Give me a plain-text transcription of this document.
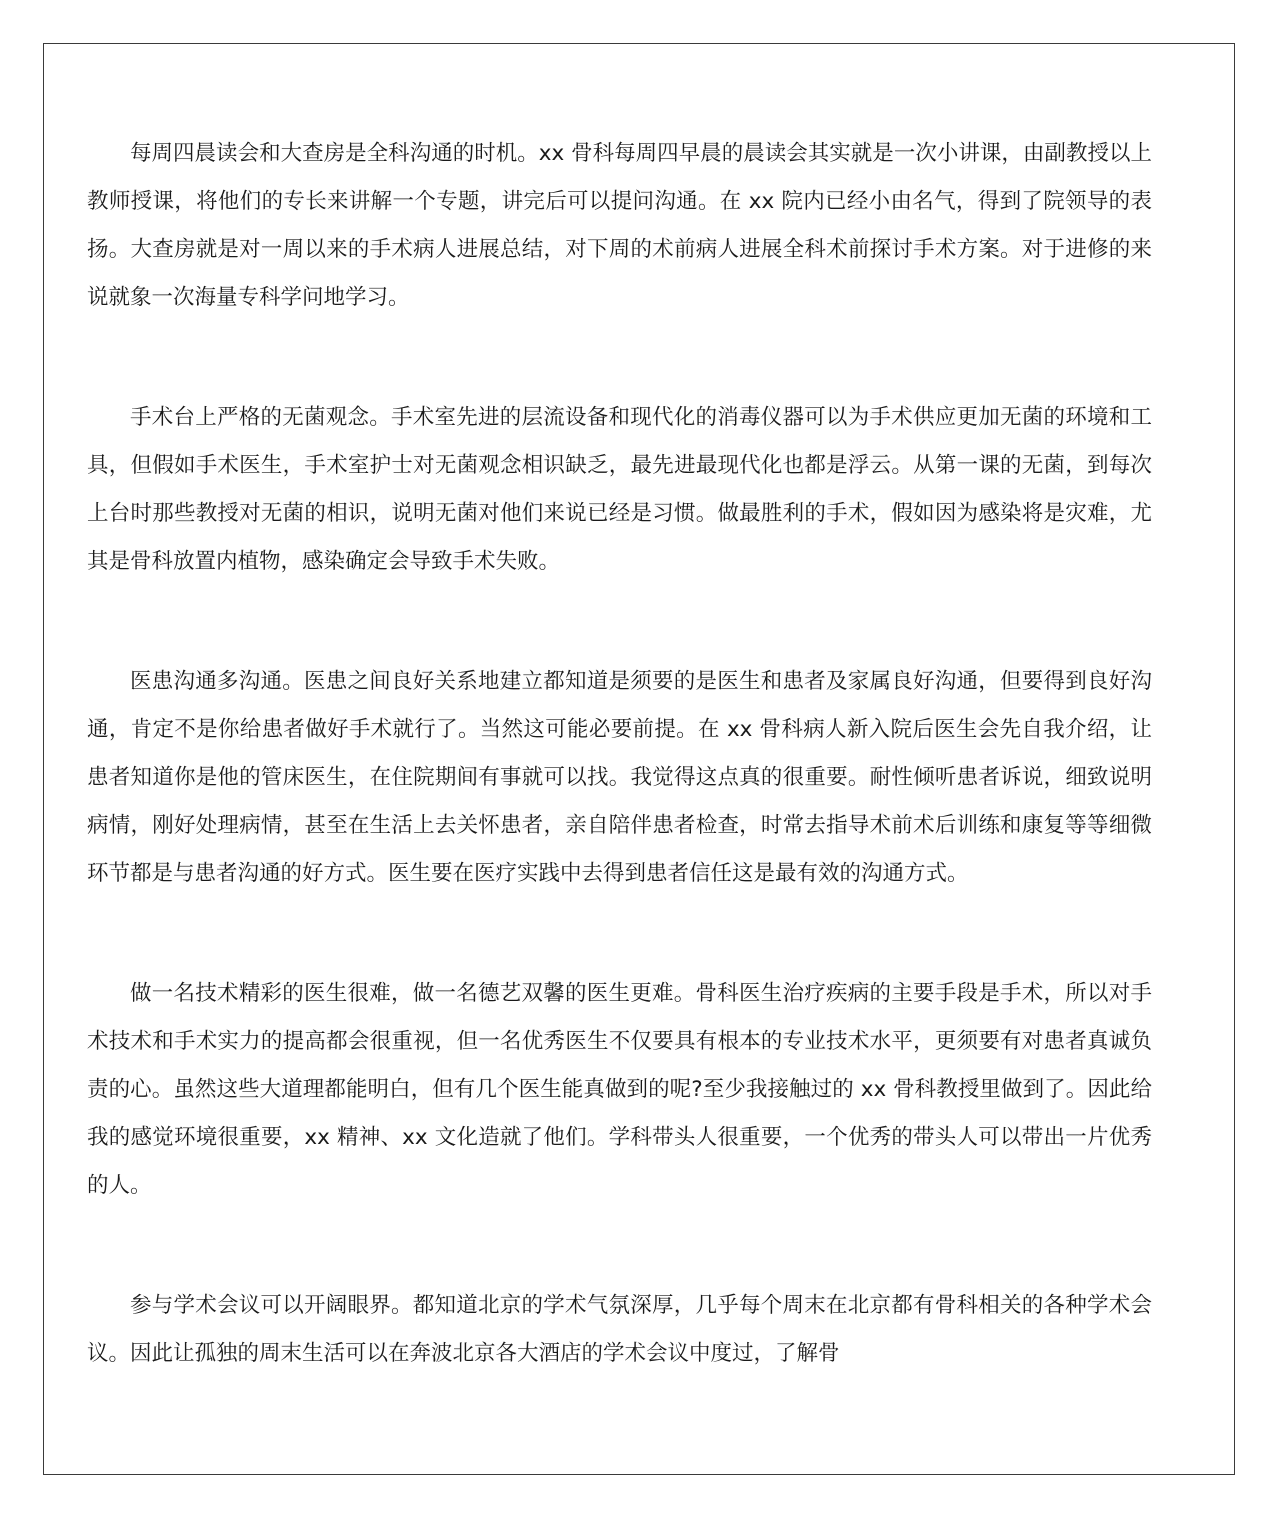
每周四晨读会和大查房是全科沟通的时机。xx 骨科每周四早晨的晨读会其实就是一次小讲课，由副教授以上教师授课，将他们的专长来讲解一个专题，讲完后可以提问沟通。在 xx 院内已经小由名气，得到了院领导的表扬。大查房就是对一周以来的手术病人进展总结，对下周的术前病人进展全科术前探讨手术方案。对于进修的来说就象一次海量专科学问地学习。

手术台上严格的无菌观念。手术室先进的层流设备和现代化的消毒仪器可以为手术供应更加无菌的环境和工具，但假如手术医生，手术室护士对无菌观念相识缺乏，最先进最现代化也都是浮云。从第一课的无菌，到每次上台时那些教授对无菌的相识，说明无菌对他们来说已经是习惯。做最胜利的手术，假如因为感染将是灾难，尤其是骨科放置内植物，感染确定会导致手术失败。

医患沟通多沟通。医患之间良好关系地建立都知道是须要的是医生和患者及家属良好沟通，但要得到良好沟通，肯定不是你给患者做好手术就行了。当然这可能必要前提。在 xx 骨科病人新入院后医生会先自我介绍，让患者知道你是他的管床医生，在住院期间有事就可以找。我觉得这点真的很重要。耐性倾听患者诉说，细致说明病情，刚好处理病情，甚至在生活上去关怀患者，亲自陪伴患者检查，时常去指导术前术后训练和康复等等细微环节都是与患者沟通的好方式。医生要在医疗实践中去得到患者信任这是最有效的沟通方式。

做一名技术精彩的医生很难，做一名德艺双馨的医生更难。骨科医生治疗疾病的主要手段是手术，所以对手术技术和手术实力的提高都会很重视，但一名优秀医生不仅要具有根本的专业技术水平，更须要有对患者真诚负责的心。虽然这些大道理都能明白，但有几个医生能真做到的呢?至少我接触过的 xx 骨科教授里做到了。因此给我的感觉环境很重要，xx 精神、xx 文化造就了他们。学科带头人很重要，一个优秀的带头人可以带出一片优秀的人。

参与学术会议可以开阔眼界。都知道北京的学术气氛深厚，几乎每个周末在北京都有骨科相关的各种学术会议。因此让孤独的周末生活可以在奔波北京各大酒店的学术会议中度过，了解骨
